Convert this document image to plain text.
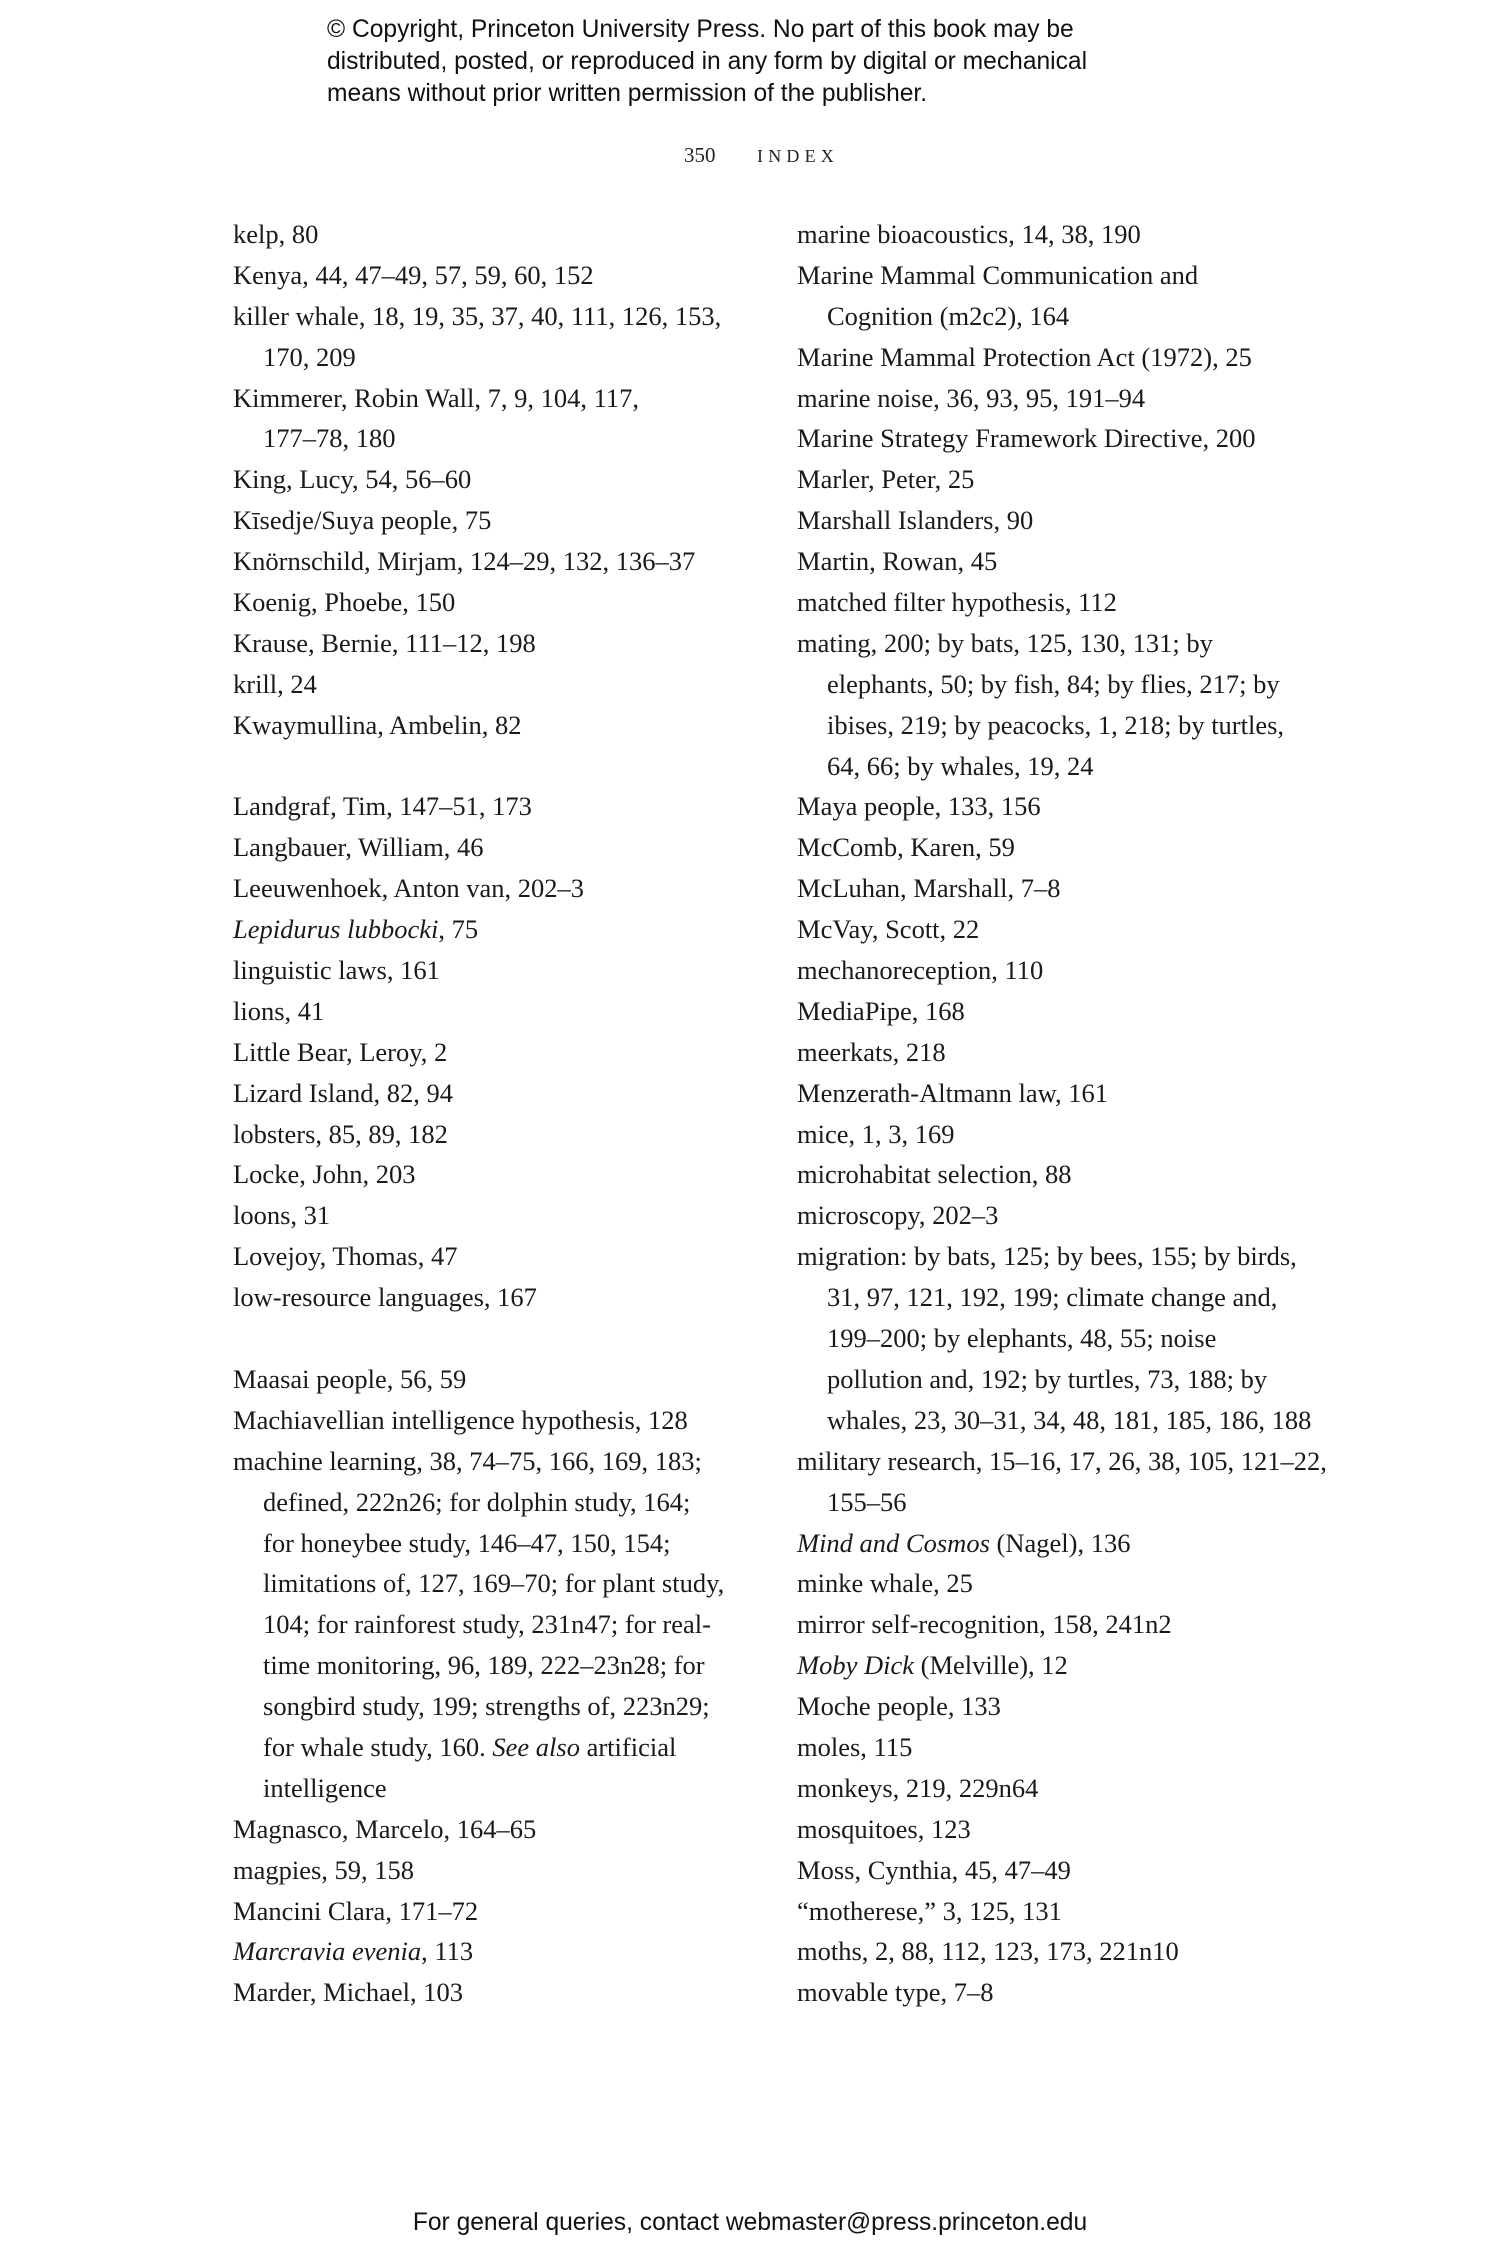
© Copyright, Princeton University Press. No part of this book may be
distributed, posted, or reproduced in any form by digital or mechanical
means without prior written permission of the publisher.
350 INDEX
kelp, 80
Kenya, 44, 47–49, 57, 59, 60, 152
killer whale, 18, 19, 35, 37, 40, 111, 126, 153,
170, 209
Kimmerer, Robin Wall, 7, 9, 104, 117,
177–78, 180
King, Lucy, 54, 56–60
Kīsedje/Suya people, 75
Knörnschild, Mirjam, 124–29, 132, 136–37
Koenig, Phoebe, 150
Krause, Bernie, 111–12, 198
krill, 24
Kwaymullina, Ambelin, 82
Landgraf, Tim, 147–51, 173
Langbauer, William, 46
Leeuwenhoek, Anton van, 202–3
Lepidurus lubbocki, 75
linguistic laws, 161
lions, 41
Little Bear, Leroy, 2
Lizard Island, 82, 94
lobsters, 85, 89, 182
Locke, John, 203
loons, 31
Lovejoy, Thomas, 47
low-resource languages, 167
Maasai people, 56, 59
Machiavellian intelligence hypothesis, 128
machine learning, 38, 74–75, 166, 169, 183;
defined, 222n26; for dolphin study, 164;
for honeybee study, 146–47, 150, 154;
limitations of, 127, 169–70; for plant study,
104; for rainforest study, 231n47; for real-
time monitoring, 96, 189, 222–23n28; for
songbird study, 199; strengths of, 223n29;
for whale study, 160. See also artificial
intelligence
Magnasco, Marcelo, 164–65
magpies, 59, 158
Mancini Clara, 171–72
Marcravia evenia, 113
Marder, Michael, 103
marine bioacoustics, 14, 38, 190
Marine Mammal Communication and
Cognition (m2c2), 164
Marine Mammal Protection Act (1972), 25
marine noise, 36, 93, 95, 191–94
Marine Strategy Framework Directive, 200
Marler, Peter, 25
Marshall Islanders, 90
Martin, Rowan, 45
matched filter hypothesis, 112
mating, 200; by bats, 125, 130, 131; by
elephants, 50; by fish, 84; by flies, 217; by
ibises, 219; by peacocks, 1, 218; by turtles,
64, 66; by whales, 19, 24
Maya people, 133, 156
McComb, Karen, 59
McLuhan, Marshall, 7–8
McVay, Scott, 22
mechanoreception, 110
MediaPipe, 168
meerkats, 218
Menzerath-Altmann law, 161
mice, 1, 3, 169
microhabitat selection, 88
microscopy, 202–3
migration: by bats, 125; by bees, 155; by birds,
31, 97, 121, 192, 199; climate change and,
199–200; by elephants, 48, 55; noise
pollution and, 192; by turtles, 73, 188; by
whales, 23, 30–31, 34, 48, 181, 185, 186, 188
military research, 15–16, 17, 26, 38, 105, 121–22,
155–56
Mind and Cosmos (Nagel), 136
minke whale, 25
mirror self-recognition, 158, 241n2
Moby Dick (Melville), 12
Moche people, 133
moles, 115
monkeys, 219, 229n64
mosquitoes, 123
Moss, Cynthia, 45, 47–49
“motherese,” 3, 125, 131
moths, 2, 88, 112, 123, 173, 221n10
movable type, 7–8
For general queries, contact webmaster@press.princeton.edu
